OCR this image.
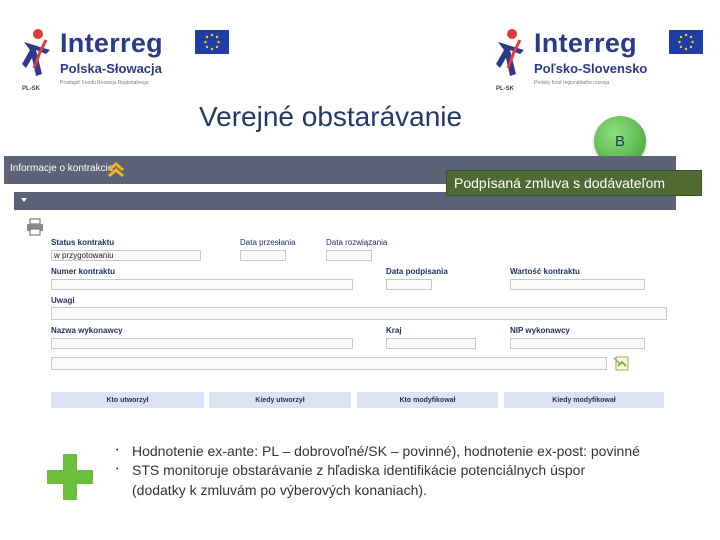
PL-SK
Interreg
Polska-Słowacja
Prostąpiť Fondu Rozwoju Regionalnego
PL-SK
Interreg
Poľsko-Slovensko
Prelsky fond regionálneho rozvoja
Verejné obstarávanie
B
Informacje o kontrakcie
Podpísaná zmluva s dodávateľom
Status kontraktu
w przygotowaniu
Data przesłania	Data rozwiązania
Numer kontraktu	Data podpisania	Wartość kontraktu
Uwagi
Nazwa wykonawcy	Kraj	NIP wykonawcy
Kto utworzył	Kiedy utworzył	Kto modyfikował	Kiedy modyfikował
• Hodnotenie ex-ante: PL – dobrovoľné/SK – povinné), hodnotenie ex-post: povinné
• STS monitoruje obstarávanie z hľadiska identifikácie potenciálnych úspor
(dodatky k zmluvám po výberových konaniach).
